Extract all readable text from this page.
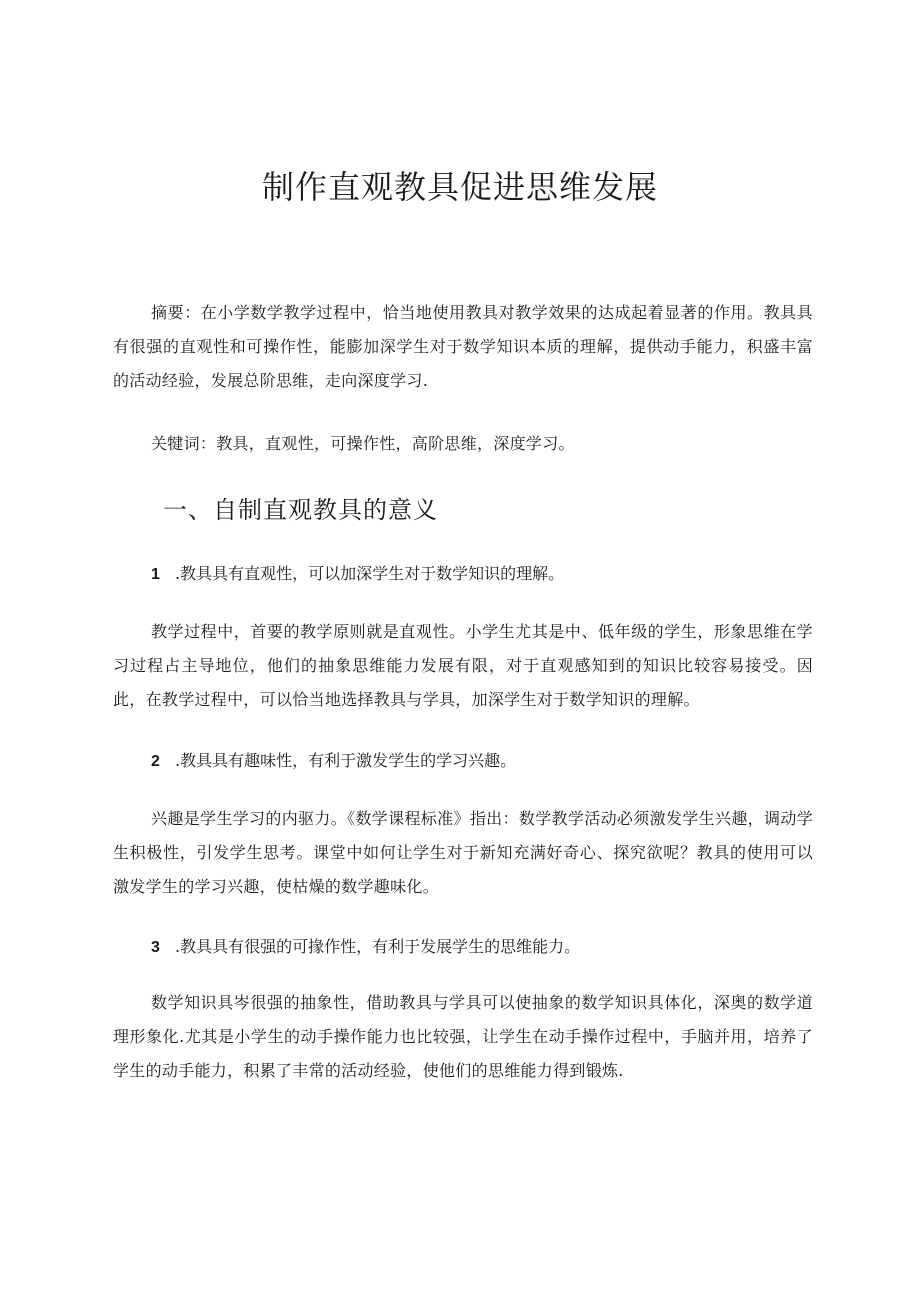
制作直观教具促进思维发展

摘要：在小学数学教学过程中，恰当地使用教具对教学效果的达成起着显著的作用。教具具有很强的直观性和可操作性，能膨加深学生对于数学知识本质的理解，提供动手能力，积盛丰富的活动经验，发展总阶思维，走向深度学习.

关犍词：教具，直观性，可操作性，高阶思维，深度学习。

一、自制直观教具的意义

1 .教具具有直观性，可以加深学生对于数学知识的理解。

教学过程中，首要的教学原则就是直观性。小学生尤其是中、低年级的学生，形象思维在学习过程占主导地位，他们的抽象思维能力发展有限，对于直观感知到的知识比较容易接受。因此，在教学过程中，可以恰当地选择教具与学具，加深学生对于数学知识的理解。

2 .教具具有趣味性，有利于激发学生的学习兴趣。

兴趣是学生学习的内驱力。《数学课程标准》指出：数学教学活动必须激发学生兴趣，调动学生积极性，引发学生思考。课堂中如何让学生对于新知充满好奇心、探究欲呢？教具的使用可以激发学生的学习兴趣，使枯燥的数学趣味化。

3 .教具具有很强的可掾作性，有利于发展学生的思维能力。

数学知识具岑很强的抽象性，借助教具与学具可以使抽象的数学知识具体化，深奥的数学道理形象化.尤其是小学生的动手操作能力也比较强，让学生在动手操作过程中，手脑并用，培养了学生的动手能力，积累了丰常的活动经验，使他们的思维能力得到锻炼.
